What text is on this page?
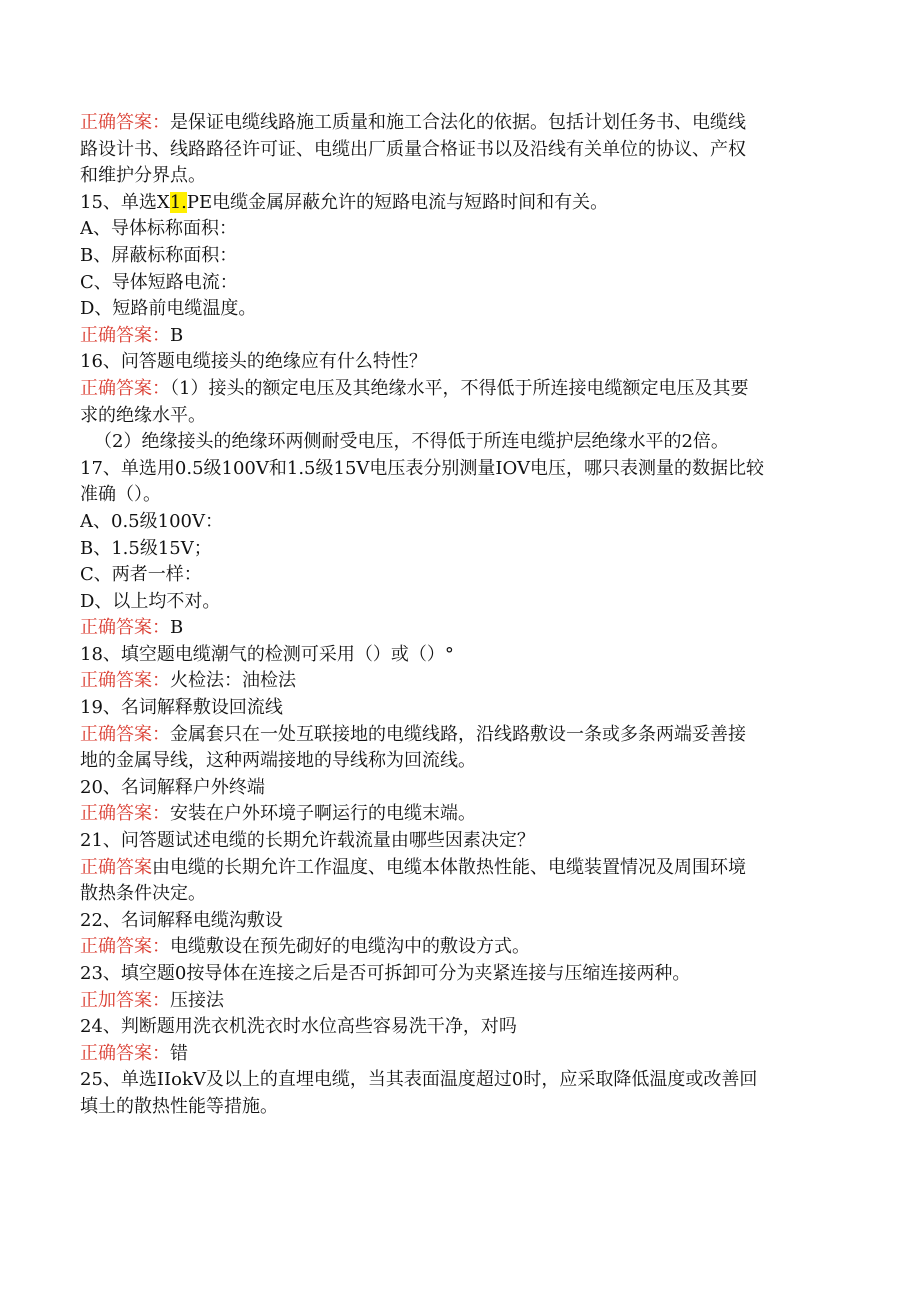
正确答案：是保证电缆线路施工质量和施工合法化的依据。包括计划任务书、电缆线
路设计书、线路路径许可证、电缆出厂质量合格证书以及沿线有关单位的协议、产权
和维护分界点。
15、单选X1.PE电缆金属屏蔽允许的短路电流与短路时间和有关。
A、导体标称面积：
B、屏蔽标称面积：
C、导体短路电流：
D、短路前电缆温度。
正确答案：B
16、问答题电缆接头的绝缘应有什么特性？
正确答案：（1）接头的额定电压及其绝缘水平，不得低于所连接电缆额定电压及其要
求的绝缘水平。
（2）绝缘接头的绝缘环两侧耐受电压，不得低于所连电缆护层绝缘水平的2倍。
17、单选用0.5级100V和1.5级15V电压表分别测量IOV电压，哪只表测量的数据比较
准确（）。
A、0.5级100V：
B、1.5级15V；
C、两者一样：
D、以上均不对。
正确答案：B
18、填空题电缆潮气的检测可采用（）或（）°
正确答案：火检法：油检法
19、名词解释敷设回流线
正确答案：金属套只在一处互联接地的电缆线路，沿线路敷设一条或多条两端妥善接
地的金属导线，这种两端接地的导线称为回流线。
20、名词解释户外终端
正确答案：安装在户外环境子啊运行的电缆末端。
21、问答题试述电缆的长期允许载流量由哪些因素决定？
正确答案由电缆的长期允许工作温度、电缆本体散热性能、电缆装置情况及周围环境
散热条件决定。
22、名词解释电缆沟敷设
正确答案：电缆敷设在预先砌好的电缆沟中的敷设方式。
23、填空题0按导体在连接之后是否可拆卸可分为夹紧连接与压缩连接两种。
正加答案：压接法
24、判断题用洗衣机洗衣时水位高些容易洗干净，对吗
正确答案：错
25、单选IIokV及以上的直埋电缆，当其表面温度超过0时，应采取降低温度或改善回
填土的散热性能等措施。
